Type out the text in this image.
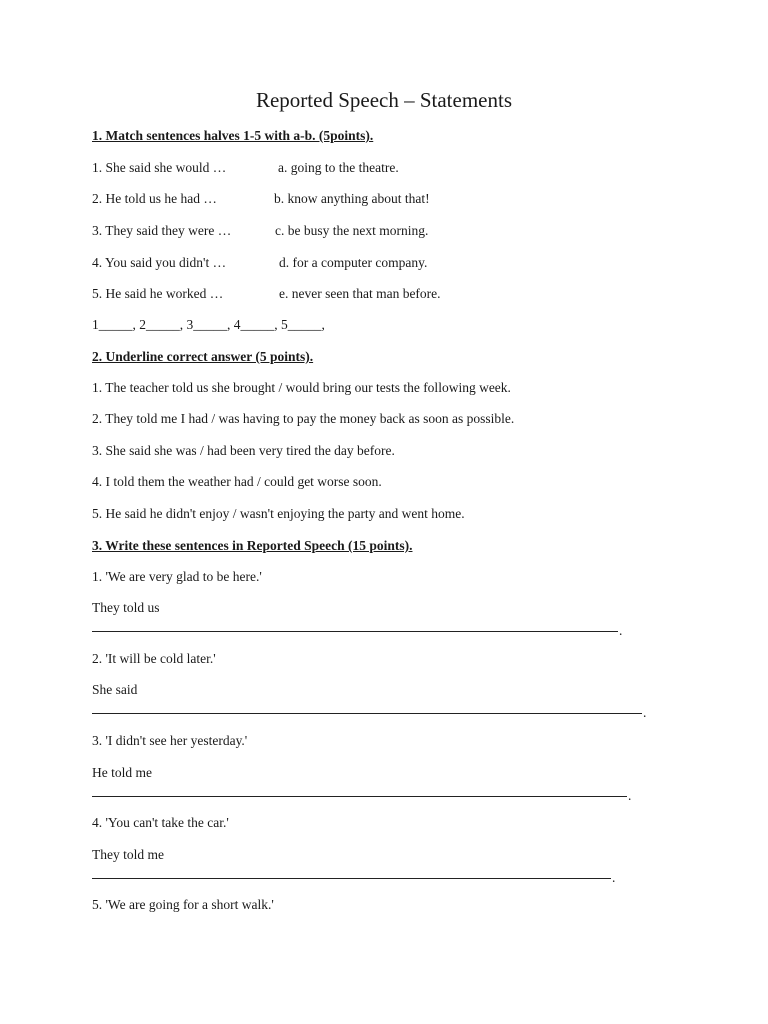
Reported Speech – Statements
1. Match sentences halves 1-5 with a-b. (5points).
1. She said she would …	a. going to the theatre.
2. He told us he had …	b. know anything about that!
3. They said they were …	c. be busy the next morning.
4. You said you didn't …	d. for a computer company.
5. He said he worked …	e. never seen that man before.
1_____, 2_____, 3_____, 4_____, 5_____,
2. Underline correct answer (5 points).
1. The teacher told us she brought / would bring our tests the following week.
2. They told me I had / was having to pay the money back as soon as possible.
3. She said she was / had been very tired the day before.
4. I told them the weather had / could get worse soon.
5. He said he didn't enjoy / wasn't enjoying the party and went home.
3. Write these sentences in Reported Speech (15 points).
1. 'We are very glad to be here.'
They told us
.
2. 'It will be cold later.'
She said
.
3. 'I didn't see her yesterday.'
He told me
.
4. 'You can't take the car.'
They told me
.
5. 'We are going for a short walk.'
